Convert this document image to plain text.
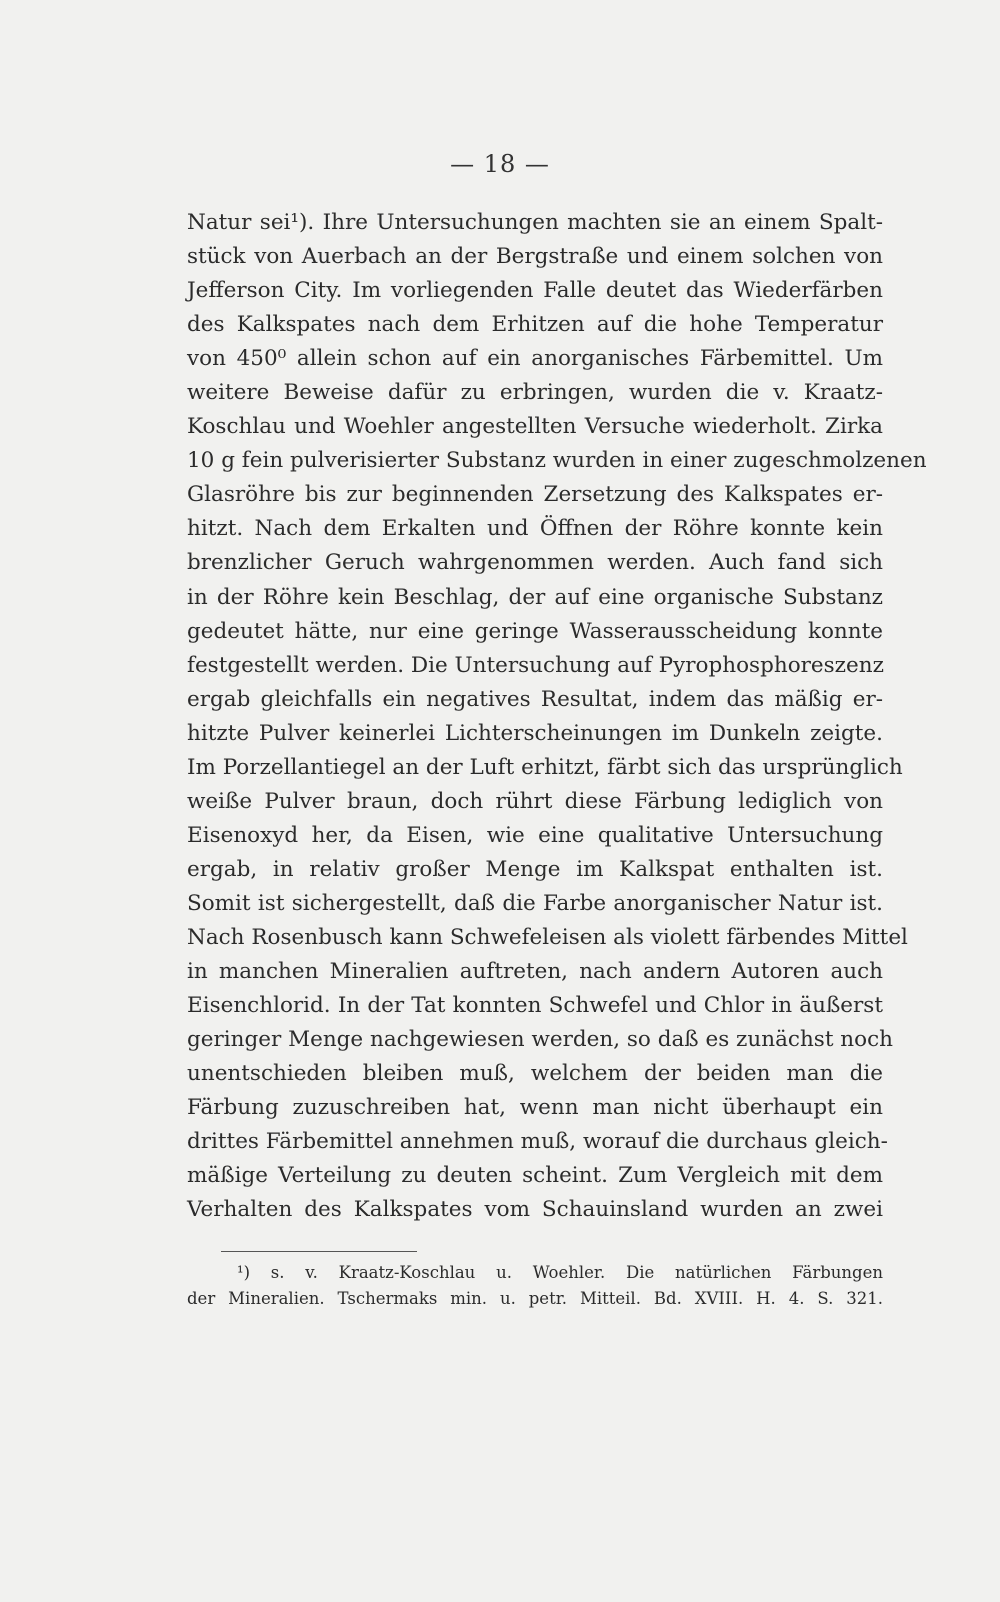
— 18 —
Natur sei¹). Ihre Untersuchungen machten sie an einem Spalt-
stück von Auerbach an der Bergstraße und einem solchen von
Jefferson City. Im vorliegenden Falle deutet das Wiederfärben
des Kalkspates nach dem Erhitzen auf die hohe Temperatur
von 450⁰ allein schon auf ein anorganisches Färbemittel. Um
weitere Beweise dafür zu erbringen, wurden die v. Kraatz-
Koschlau und Woehler angestellten Versuche wiederholt. Zirka
10 g fein pulverisierter Substanz wurden in einer zugeschmolzenen
Glasröhre bis zur beginnenden Zersetzung des Kalkspates er-
hitzt. Nach dem Erkalten und Öffnen der Röhre konnte kein
brenzlicher Geruch wahrgenommen werden. Auch fand sich
in der Röhre kein Beschlag, der auf eine organische Substanz
gedeutet hätte, nur eine geringe Wasserausscheidung konnte
festgestellt werden. Die Untersuchung auf Pyrophosphoreszenz
ergab gleichfalls ein negatives Resultat, indem das mäßig er-
hitzte Pulver keinerlei Lichterscheinungen im Dunkeln zeigte.
Im Porzellantiegel an der Luft erhitzt, färbt sich das ursprünglich
weiße Pulver braun, doch rührt diese Färbung lediglich von
Eisenoxyd her, da Eisen, wie eine qualitative Untersuchung
ergab, in relativ großer Menge im Kalkspat enthalten ist.
Somit ist sichergestellt, daß die Farbe anorganischer Natur ist.
Nach Rosenbusch kann Schwefeleisen als violett färbendes Mittel
in manchen Mineralien auftreten, nach andern Autoren auch
Eisenchlorid. In der Tat konnten Schwefel und Chlor in äußerst
geringer Menge nachgewiesen werden, so daß es zunächst noch
unentschieden bleiben muß, welchem der beiden man die
Färbung zuzuschreiben hat, wenn man nicht überhaupt ein
drittes Färbemittel annehmen muß, worauf die durchaus gleich-
mäßige Verteilung zu deuten scheint. Zum Vergleich mit dem
Verhalten des Kalkspates vom Schauinsland wurden an zwei
¹) s. v. Kraatz-Koschlau u. Woehler. Die natürlichen Färbungen
der Mineralien. Tschermaks min. u. petr. Mitteil. Bd. XVIII. H. 4. S. 321.
